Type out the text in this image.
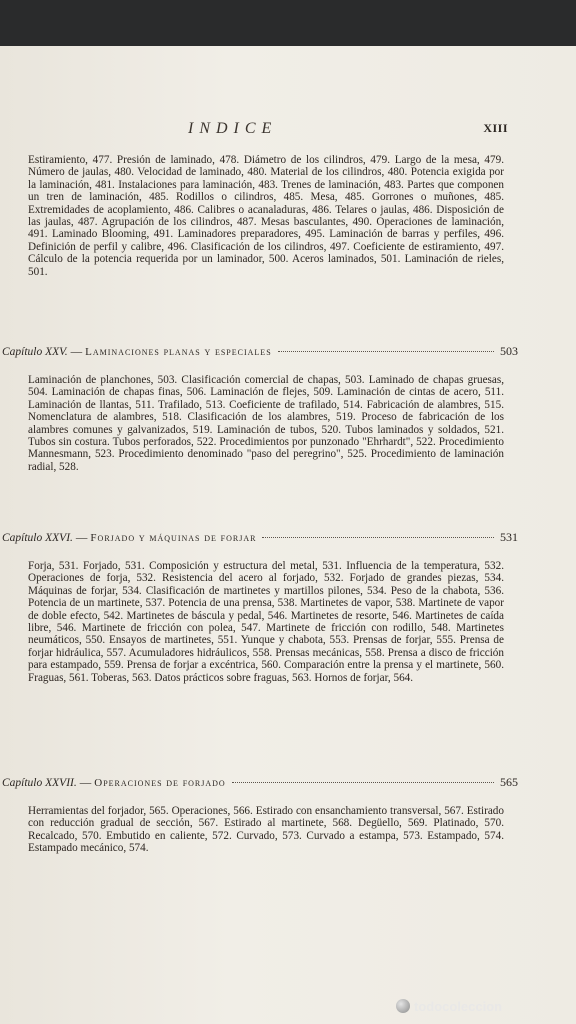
INDICE	XIII

Estiramiento, 477. Presión de laminado, 478. Diámetro de los cilindros, 479. Largo de la mesa, 479. Número de jaulas, 480. Velocidad de laminado, 480. Material de los cilindros, 480. Potencia exigida por la laminación, 481. Instalaciones para laminación, 483. Trenes de laminación, 483. Partes que componen un tren de laminación, 485. Rodillos o cilindros, 485. Mesa, 485. Gorrones o muñones, 485. Extremidades de acoplamiento, 486. Calibres o acanaladuras, 486. Telares o jaulas, 486. Disposición de las jaulas, 487. Agrupación de los cilindros, 487. Mesas basculantes, 490. Operaciones de laminación, 491. Laminado Blooming, 491. Laminadores preparadores, 495. Laminación de barras y perfiles, 496. Definición de perfil y calibre, 496. Clasificación de los cilindros, 497. Coeficiente de estiramiento, 497. Cálculo de la potencia requerida por un laminador, 500. Aceros laminados, 501. Laminación de rieles, 501.

Capítulo XXV. — Laminaciones planas y especiales	503

Laminación de planchones, 503. Clasificación comercial de chapas, 503. Laminado de chapas gruesas, 504. Laminación de chapas finas, 506. Laminación de flejes, 509. Laminación de cintas de acero, 511. Laminación de llantas, 511. Trafilado, 513. Coeficiente de trafilado, 514. Fabricación de alambres, 515. Nomenclatura de alambres, 518. Clasificación de los alambres, 519. Proceso de fabricación de los alambres comunes y galvanizados, 519. Laminación de tubos, 520. Tubos laminados y soldados, 521. Tubos sin costura. Tubos perforados, 522. Procedimientos por punzonado "Ehrhardt", 522. Procedimiento Mannesmann, 523. Procedimiento denominado "paso del peregrino", 525. Procedimiento de laminación radial, 528.

Capítulo XXVI. — Forjado y máquinas de forjar	531

Forja, 531. Forjado, 531. Composición y estructura del metal, 531. Influencia de la temperatura, 532. Operaciones de forja, 532. Resistencia del acero al forjado, 532. Forjado de grandes piezas, 534. Máquinas de forjar, 534. Clasificación de martinetes y martillos pilones, 534. Peso de la chabota, 536. Potencia de un martinete, 537. Potencia de una prensa, 538. Martinetes de vapor, 538. Martinete de vapor de doble efecto, 542. Martinetes de báscula y pedal, 546. Martinetes de resorte, 546. Martinetes de caída libre, 546. Martinete de fricción con polea, 547. Martinete de fricción con rodillo, 548. Martinetes neumáticos, 550. Ensayos de martinetes, 551. Yunque y chabota, 553. Prensas de forjar, 555. Prensa de forjar hidráulica, 557. Acumuladores hidráulicos, 558. Prensas mecánicas, 558. Prensa a disco de fricción para estampado, 559. Prensa de forjar a excéntrica, 560. Comparación entre la prensa y el martinete, 560. Fraguas, 561. Toberas, 563. Datos prácticos sobre fraguas, 563. Hornos de forjar, 564.

Capítulo XXVII. — Operaciones de forjado	565

Herramientas del forjador, 565. Operaciones, 566. Estirado con ensanchamiento transversal, 567. Estirado con reducción gradual de sección, 567. Estirado al martinete, 568. Degüello, 569. Platinado, 570. Recalcado, 570. Embutido en caliente, 572. Curvado, 573. Curvado a estampa, 573. Estampado, 574. Estampado mecánico, 574.

todocoleccion
